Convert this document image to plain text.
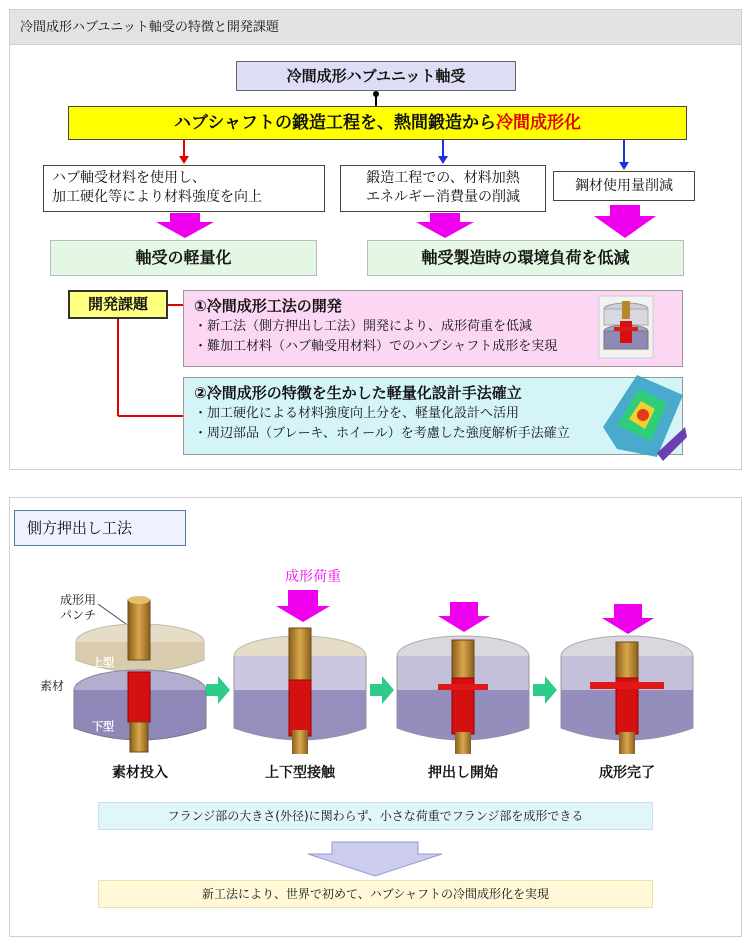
冷間成形ハブユニット軸受の特徴と開発課題
冷間成形ハブユニット軸受
ハブシャフトの鍛造工程を、熱間鍛造から冷間成形化
ハブ軸受材料を使用し、
加工硬化等により材料強度を向上
鍛造工程での、材料加熱
エネルギー消費量の削減
鋼材使用量削減
軸受の軽量化	軸受製造時の環境負荷を低減
開発課題	①冷間成形工法の開発
・新工法（側方押出し工法）開発により、成形荷重を低減
・難加工材料（ハブ軸受用材料）でのハブシャフト成形を実現
②冷間成形の特徴を生かした軽量化設計手法確立
・加工硬化による材料強度向上分を、軽量化設計へ活用
・周辺部品（ブレーキ、ホイール）を考慮した強度解析手法確立
側方押出し工法
成形荷重
成形用
パンチ
素材
上型
下型
素材投入	上下型接触	押出し開始	成形完了
フランジ部の大きさ(外径)に関わらず、小さな荷重でフランジ部を成形できる
新工法により、世界で初めて、ハブシャフトの冷間成形化を実現
